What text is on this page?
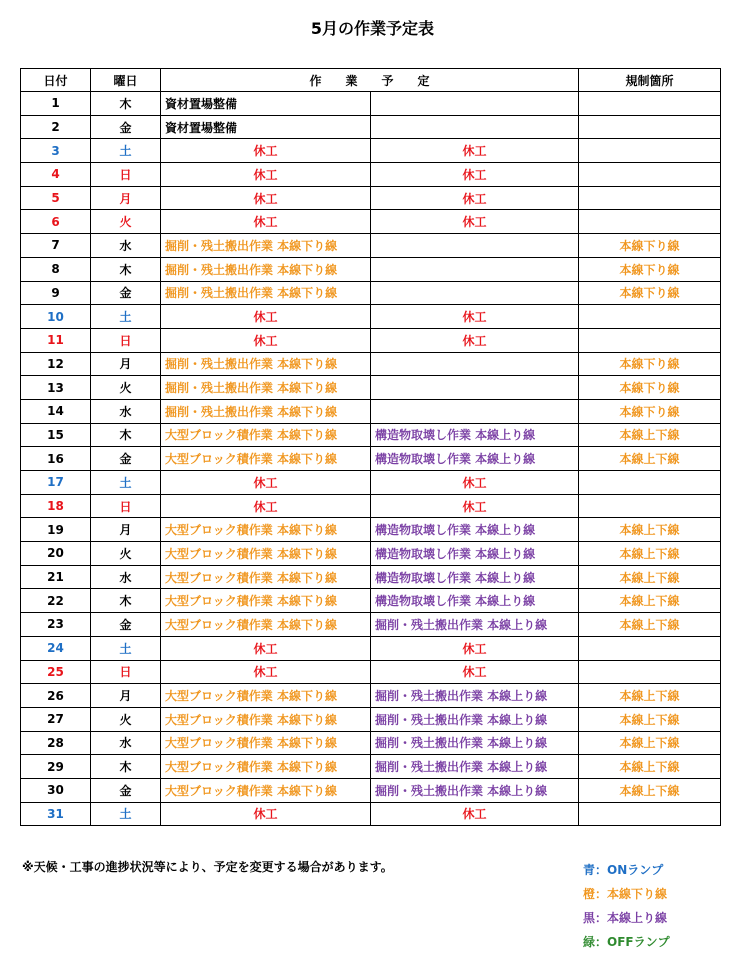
5月の作業予定表
日付	曜日	作　　業　　予　　定		規制箇所
1	木	資材置場整備		
2	金	資材置場整備		
3	土	休工	休工	
4	日	休工	休工	
5	月	休工	休工	
6	火	休工	休工	
7	水	掘削・残土搬出作業 本線下り線		本線下り線
8	木	掘削・残土搬出作業 本線下り線		本線下り線
9	金	掘削・残土搬出作業 本線下り線		本線下り線
10	土	休工	休工	
11	日	休工	休工	
12	月	掘削・残土搬出作業 本線下り線		本線下り線
13	火	掘削・残土搬出作業 本線下り線		本線下り線
14	水	掘削・残土搬出作業 本線下り線		本線下り線
15	木	大型ブロック積作業 本線下り線	構造物取壊し作業 本線上り線	本線上下線
16	金	大型ブロック積作業 本線下り線	構造物取壊し作業 本線上り線	本線上下線
17	土	休工	休工	
18	日	休工	休工	
19	月	大型ブロック積作業 本線下り線	構造物取壊し作業 本線上り線	本線上下線
20	火	大型ブロック積作業 本線下り線	構造物取壊し作業 本線上り線	本線上下線
21	水	大型ブロック積作業 本線下り線	構造物取壊し作業 本線上り線	本線上下線
22	木	大型ブロック積作業 本線下り線	構造物取壊し作業 本線上り線	本線上下線
23	金	大型ブロック積作業 本線下り線	掘削・残土搬出作業 本線上り線	本線上下線
24	土	休工	休工	
25	日	休工	休工	
26	月	大型ブロック積作業 本線下り線	掘削・残土搬出作業 本線上り線	本線上下線
27	火	大型ブロック積作業 本線下り線	掘削・残土搬出作業 本線上り線	本線上下線
28	水	大型ブロック積作業 本線下り線	掘削・残土搬出作業 本線上り線	本線上下線
29	木	大型ブロック積作業 本線下り線	掘削・残土搬出作業 本線上り線	本線上下線
30	金	大型ブロック積作業 本線下り線	掘削・残土搬出作業 本線上り線	本線上下線
31	土	休工	休工	
※天候・工事の進捗状況等により、予定を変更する場合があります。	青：ONランプ
橙：本線下り線
黒：本線上り線
緑：OFFランプ
